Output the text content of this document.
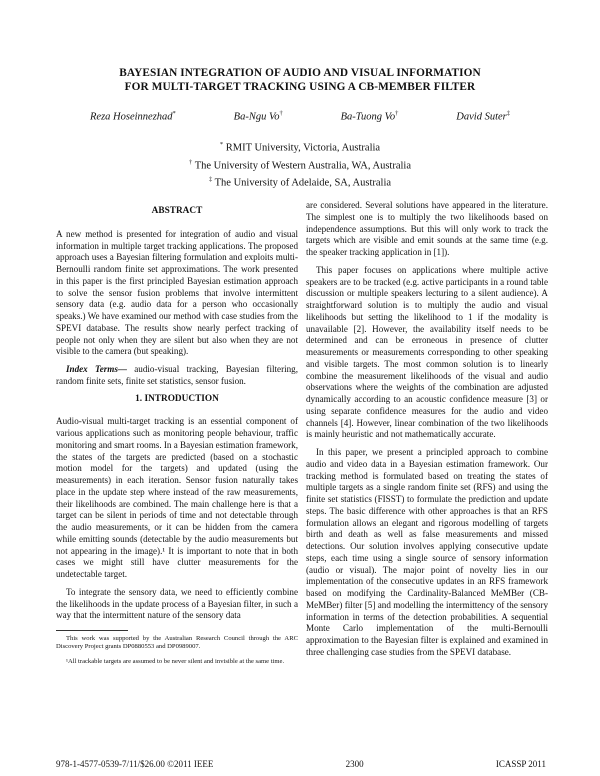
BAYESIAN INTEGRATION OF AUDIO AND VISUAL INFORMATION
FOR MULTI-TARGET TRACKING USING A CB-MEMBER FILTER
Reza Hoseinnezhad*	Ba-Ngu Vo†	Ba-Tuong Vo†	David Suter‡
* RMIT University, Victoria, Australia
† The University of Western Australia, WA, Australia
‡ The University of Adelaide, SA, Australia
ABSTRACT

A new method is presented for integration of audio and visual information in multiple target tracking applications. The proposed approach uses a Bayesian filtering formulation and exploits multi-Bernoulli random finite set approximations. The work presented in this paper is the first principled Bayesian estimation approach to solve the sensor fusion problems that involve intermittent sensory data (e.g. audio data for a person who occasionally speaks.) We have examined our method with case studies from the SPEVI database. The results show nearly perfect tracking of people not only when they are silent but also when they are not visible to the camera (but speaking).

Index Terms— audio-visual tracking, Bayesian filtering, random finite sets, finite set statistics, sensor fusion.

1. INTRODUCTION

Audio-visual multi-target tracking is an essential component of various applications such as monitoring people behaviour, traffic monitoring and smart rooms. In a Bayesian estimation framework, the states of the targets are predicted (based on a stochastic motion model for the targets) and updated (using the measurements) in each iteration. Sensor fusion naturally takes place in the update step where instead of the raw measurements, their likelihoods are combined. The main challenge here is that a target can be silent in periods of time and not detectable through the audio measurements, or it can be hidden from the camera while emitting sounds (detectable by the audio measurements but not appearing in the image).¹ It is important to note that in both cases we might still have clutter measurements for the undetectable target.

To integrate the sensory data, we need to efficiently combine the likelihoods in the update process of a Bayesian filter, in such a way that the intermittent nature of the sensory data

This work was supported by the Australian Research Council through the ARC Discovery Project grants DP0880553 and DP0989007.

¹All trackable targets are assumed to be never silent and invisible at the same time.

are considered. Several solutions have appeared in the literature. The simplest one is to multiply the two likelihoods based on independence assumptions. But this will only work to track the targets which are visible and emit sounds at the same time (e.g. the speaker tracking application in [1]).

This paper focuses on applications where multiple active speakers are to be tracked (e.g. active participants in a round table discussion or multiple speakers lecturing to a silent audience). A straightforward solution is to multiply the audio and visual likelihoods but setting the likelihood to 1 if the modality is unavailable [2]. However, the availability itself needs to be determined and can be erroneous in presence of clutter measurements or measurements corresponding to other speaking and visible targets. The most common solution is to linearly combine the measurement likelihoods of the visual and audio observations where the weights of the combination are adjusted dynamically according to an acoustic confidence measure [3] or using separate confidence measures for the audio and video channels [4]. However, linear combination of the two likelihoods is mainly heuristic and not mathematically accurate.

In this paper, we present a principled approach to combine audio and video data in a Bayesian estimation framework. Our tracking method is formulated based on treating the states of multiple targets as a single random finite set (RFS) and using the finite set statistics (FISST) to formulate the prediction and update steps. The basic difference with other approaches is that an RFS formulation allows an elegant and rigorous modelling of targets birth and death as well as false measurements and missed detections. Our solution involves applying consecutive update steps, each time using a single source of sensory information (audio or visual). The major point of novelty lies in our implementation of the consecutive updates in an RFS framework based on modifying the Cardinality-Balanced MeMBer (CB-MeMBer) filter [5] and modelling the intermittency of the sensory information in terms of the detection probabilities. A sequential Monte Carlo implementation of the multi-Bernoulli approximation to the Bayesian filter is explained and examined in three challenging case studies from the SPEVI database.

978-1-4577-0539-7/11/$26.00 ©2011 IEEE	2300	ICASSP 2011
